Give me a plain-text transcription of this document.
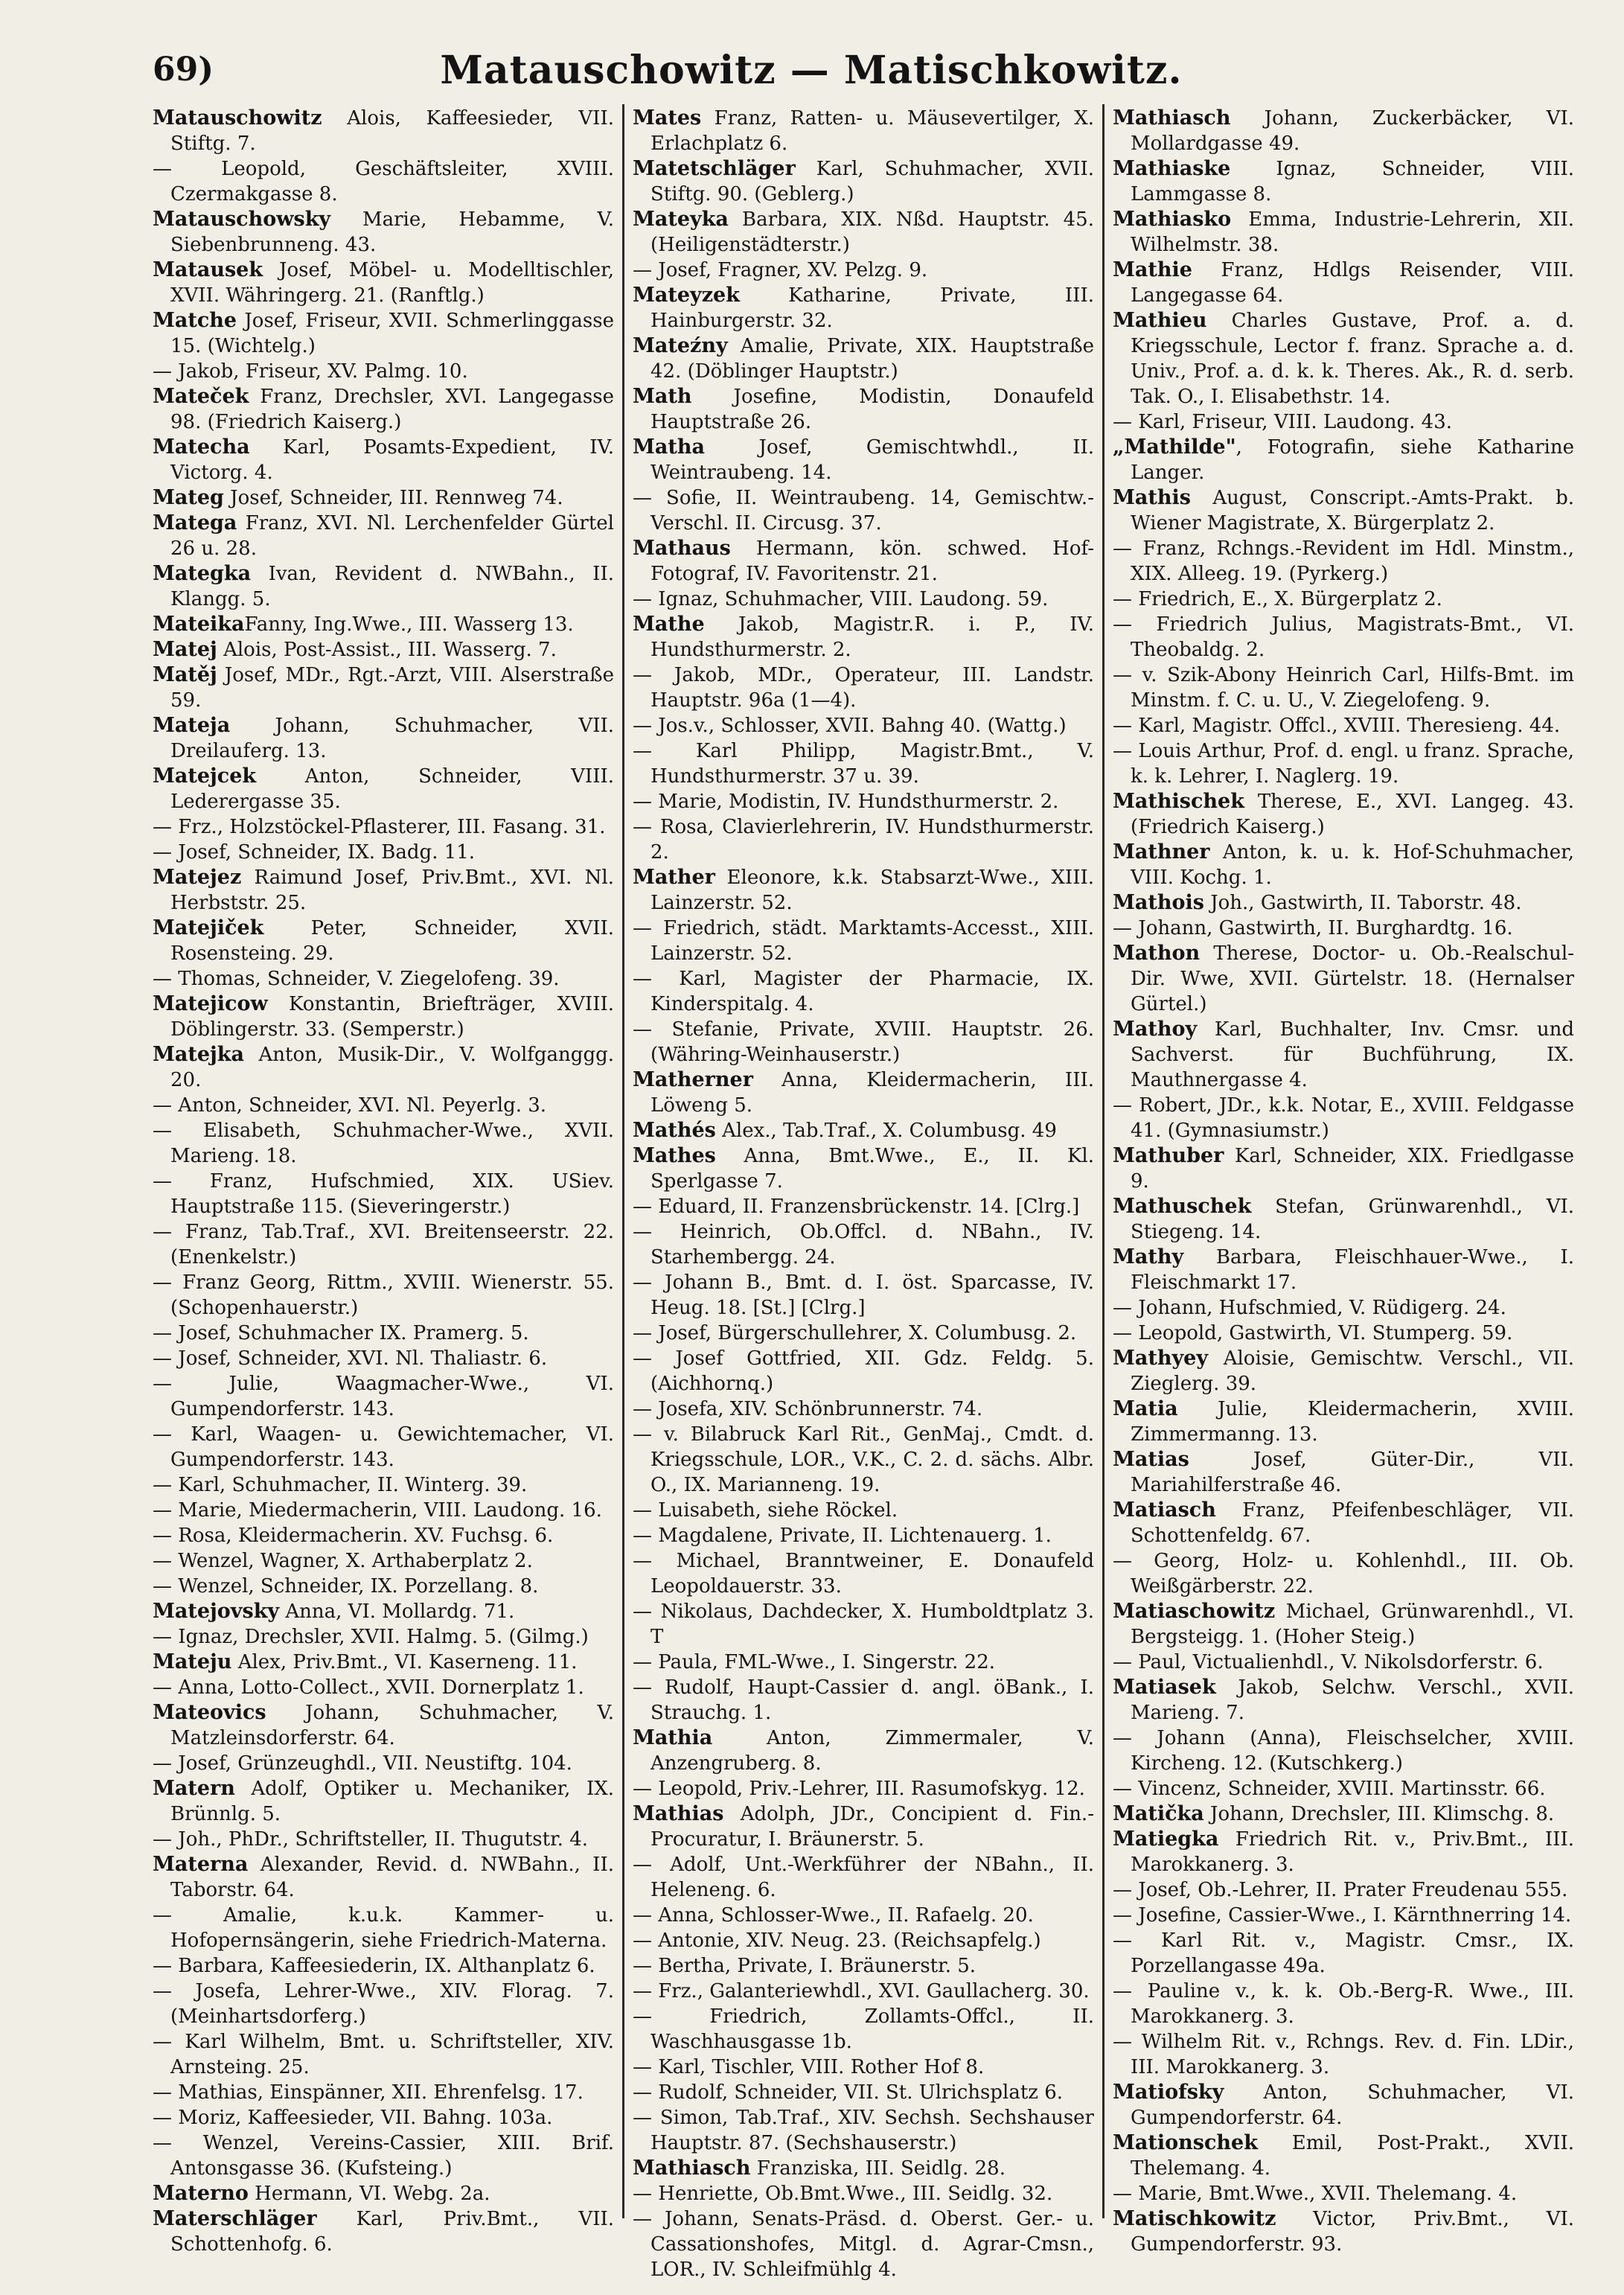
69)	Matauschowitz — Matischkowitz.

Matauschowitz Alois, Kaffeesieder, VII. Stiftg. 7.

— Leopold, Geschäftsleiter, XVIII. Czermakgasse 8.

Matauschowsky Marie, Hebamme, V. Siebenbrunneng. 43.

Matausek Josef, Möbel- u. Modelltischler, XVII. Währingerg. 21. (Ranftlg.)

Matche Josef, Friseur, XVII. Schmerlinggasse 15. (Wichtelg.)

— Jakob, Friseur, XV. Palmg. 10.

Mateček Franz, Drechsler, XVI. Langegasse 98. (Friedrich Kaiserg.)

Matecha Karl, Posamts-Expedient, IV. Victorg. 4.

Mateg Josef, Schneider, III. Rennweg 74.

Matega Franz, XVI. Nl. Lerchenfelder Gürtel 26 u. 28.

Mategka Ivan, Revident d. NWBahn., II. Klangg. 5.

MateikaFanny, Ing.Wwe., III. Wasserg 13.

Matej Alois, Post-Assist., III. Wasserg. 7.

Matěj Josef, MDr., Rgt.-Arzt, VIII. Alserstraße 59.

Mateja Johann, Schuhmacher, VII. Dreilauferg. 13.

Matejcek Anton, Schneider, VIII. Lederergasse 35.

— Frz., Holzstöckel-Pflasterer, III. Fasang. 31.

— Josef, Schneider, IX. Badg. 11.

Matejez Raimund Josef, Priv.Bmt., XVI. Nl. Herbststr. 25.

Matejiček Peter, Schneider, XVII. Rosensteing. 29.

— Thomas, Schneider, V. Ziegelofeng. 39.

Matejicow Konstantin, Briefträger, XVIII. Döblingerstr. 33. (Semperstr.)

Matejka Anton, Musik-Dir., V. Wolfganggg. 20.

— Anton, Schneider, XVI. Nl. Peyerlg. 3.

— Elisabeth, Schuhmacher-Wwe., XVII. Marieng. 18.

— Franz, Hufschmied, XIX. USiev. Hauptstraße 115. (Sieveringerstr.)

— Franz, Tab.Traf., XVI. Breitenseerstr. 22. (Enenkelstr.)

— Franz Georg, Rittm., XVIII. Wienerstr. 55. (Schopenhauerstr.)

— Josef, Schuhmacher IX. Pramerg. 5.

— Josef, Schneider, XVI. Nl. Thaliastr. 6.

— Julie, Waagmacher-Wwe., VI. Gumpendorferstr. 143.

— Karl, Waagen- u. Gewichtemacher, VI. Gumpendorferstr. 143.

— Karl, Schuhmacher, II. Winterg. 39.

— Marie, Miedermacherin, VIII. Laudong. 16.

— Rosa, Kleidermacherin. XV. Fuchsg. 6.

— Wenzel, Wagner, X. Arthaberplatz 2.

— Wenzel, Schneider, IX. Porzellang. 8.

Matejovsky Anna, VI. Mollardg. 71.

— Ignaz, Drechsler, XVII. Halmg. 5. (Gilmg.)

Mateju Alex, Priv.Bmt., VI. Kaserneng. 11.

— Anna, Lotto-Collect., XVII. Dornerplatz 1.

Mateovics Johann, Schuhmacher, V. Matzleinsdorferstr. 64.

— Josef, Grünzeughdl., VII. Neustiftg. 104.

Matern Adolf, Optiker u. Mechaniker, IX. Brünnlg. 5.

— Joh., PhDr., Schriftsteller, II. Thugutstr. 4.

Materna Alexander, Revid. d. NWBahn., II. Taborstr. 64.

— Amalie, k.u.k. Kammer- u. Hofopernsängerin, siehe Friedrich-Materna.

— Barbara, Kaffeesiederin, IX. Althanplatz 6.

— Josefa, Lehrer-Wwe., XIV. Florag. 7. (Meinhartsdorferg.)

— Karl Wilhelm, Bmt. u. Schriftsteller, XIV. Arnsteing. 25.

— Mathias, Einspänner, XII. Ehrenfelsg. 17.

— Moriz, Kaffeesieder, VII. Bahng. 103a.

— Wenzel, Vereins-Cassier, XIII. Brif. Antonsgasse 36. (Kufsteing.)

Materno Hermann, VI. Webg. 2a.

Materschläger Karl, Priv.Bmt., VII. Schottenhofg. 6.

Mates Franz, Ratten- u. Mäusevertilger, X. Erlachplatz 6.

Matetschläger Karl, Schuhmacher, XVII. Stiftg. 90. (Geblerg.)

Mateyka Barbara, XIX. Nßd. Hauptstr. 45. (Heiligenstädterstr.)

— Josef, Fragner, XV. Pelzg. 9.

Mateyzek Katharine, Private, III. Hainburgerstr. 32.

Mateźny Amalie, Private, XIX. Hauptstraße 42. (Döblinger Hauptstr.)

Math Josefine, Modistin, Donaufeld Hauptstraße 26.

Matha Josef, Gemischtwhdl., II. Weintraubeng. 14.

— Sofie, II. Weintraubeng. 14, Gemischtw.-Verschl. II. Circusg. 37.

Mathaus Hermann, kön. schwed. Hof-Fotograf, IV. Favoritenstr. 21.

— Ignaz, Schuhmacher, VIII. Laudong. 59.

Mathe Jakob, Magistr.R. i. P., IV. Hundsthurmerstr. 2.

— Jakob, MDr., Operateur, III. Landstr. Hauptstr. 96a (1—4).

— Jos.v., Schlosser, XVII. Bahng 40. (Wattg.)

— Karl Philipp, Magistr.Bmt., V. Hundsthurmerstr. 37 u. 39.

— Marie, Modistin, IV. Hundsthurmerstr. 2.

— Rosa, Clavierlehrerin, IV. Hundsthurmerstr. 2.

Mather Eleonore, k.k. Stabsarzt-Wwe., XIII. Lainzerstr. 52.

— Friedrich, städt. Marktamts-Accesst., XIII. Lainzerstr. 52.

— Karl, Magister der Pharmacie, IX. Kinderspitalg. 4.

— Stefanie, Private, XVIII. Hauptstr. 26. (Währing-Weinhauserstr.)

Matherner Anna, Kleidermacherin, III. Löweng 5.

Mathés Alex., Tab.Traf., X. Columbusg. 49

Mathes Anna, Bmt.Wwe., E., II. Kl. Sperlgasse 7.

— Eduard, II. Franzensbrückenstr. 14. [Clrg.]

— Heinrich, Ob.Offcl. d. NBahn., IV. Starhembergg. 24.

— Johann B., Bmt. d. I. öst. Sparcasse, IV. Heug. 18. [St.] [Clrg.]

— Josef, Bürgerschullehrer, X. Columbusg. 2.

— Josef Gottfried, XII. Gdz. Feldg. 5. (Aichhornq.)

— Josefa, XIV. Schönbrunnerstr. 74.

— v. Bilabruck Karl Rit., GenMaj., Cmdt. d. Kriegsschule, LOR., V.K., C. 2. d. sächs. Albr. O., IX. Marianneng. 19.

— Luisabeth, siehe Röckel.

— Magdalene, Private, II. Lichtenauerg. 1.

— Michael, Branntweiner, E. Donaufeld Leopoldauerstr. 33.

— Nikolaus, Dachdecker, X. Humboldtplatz 3. T

— Paula, FML-Wwe., I. Singerstr. 22.

— Rudolf, Haupt-Cassier d. angl. öBank., I. Strauchg. 1.

Mathia Anton, Zimmermaler, V. Anzengruberg. 8.

— Leopold, Priv.-Lehrer, III. Rasumofskyg. 12.

Mathias Adolph, JDr., Concipient d. Fin.-Procuratur, I. Bräunerstr. 5.

— Adolf, Unt.-Werkführer der NBahn., II. Heleneng. 6.

— Anna, Schlosser-Wwe., II. Rafaelg. 20.

— Antonie, XIV. Neug. 23. (Reichsapfelg.)

— Bertha, Private, I. Bräunerstr. 5.

— Frz., Galanteriewhdl., XVI. Gaullacherg. 30.

— Friedrich, Zollamts-Offcl., II. Waschhausgasse 1b.

— Karl, Tischler, VIII. Rother Hof 8.

— Rudolf, Schneider, VII. St. Ulrichsplatz 6.

— Simon, Tab.Traf., XIV. Sechsh. Sechshauser Hauptstr. 87. (Sechshauserstr.)

Mathiasch Franziska, III. Seidlg. 28.

— Henriette, Ob.Bmt.Wwe., III. Seidlg. 32.

— Johann, Senats-Präsd. d. Oberst. Ger.- u. Cassationshofes, Mitgl. d. Agrar-Cmsn., LOR., IV. Schleifmühlg 4.

Mathiasch Johann, Zuckerbäcker, VI. Mollardgasse 49.

Mathiaske Ignaz, Schneider, VIII. Lammgasse 8.

Mathiasko Emma, Industrie-Lehrerin, XII. Wilhelmstr. 38.

Mathie Franz, Hdlgs Reisender, VIII. Langegasse 64.

Mathieu Charles Gustave, Prof. a. d. Kriegsschule, Lector f. franz. Sprache a. d. Univ., Prof. a. d. k. k. Theres. Ak., R. d. serb. Tak. O., I. Elisabethstr. 14.

— Karl, Friseur, VIII. Laudong. 43.

„Mathilde", Fotografin, siehe Katharine Langer.

Mathis August, Conscript.-Amts-Prakt. b. Wiener Magistrate, X. Bürgerplatz 2.

— Franz, Rchngs.-Revident im Hdl. Minstm., XIX. Alleeg. 19. (Pyrkerg.)

— Friedrich, E., X. Bürgerplatz 2.

— Friedrich Julius, Magistrats-Bmt., VI. Theobaldg. 2.

— v. Szik-Abony Heinrich Carl, Hilfs-Bmt. im Minstm. f. C. u. U., V. Ziegelofeng. 9.

— Karl, Magistr. Offcl., XVIII. Theresieng. 44.

— Louis Arthur, Prof. d. engl. u franz. Sprache, k. k. Lehrer, I. Naglerg. 19.

Mathischek Therese, E., XVI. Langeg. 43. (Friedrich Kaiserg.)

Mathner Anton, k. u. k. Hof-Schuhmacher, VIII. Kochg. 1.

Mathois Joh., Gastwirth, II. Taborstr. 48.

— Johann, Gastwirth, II. Burghardtg. 16.

Mathon Therese, Doctor- u. Ob.-Realschul-Dir. Wwe, XVII. Gürtelstr. 18. (Hernalser Gürtel.)

Mathoy Karl, Buchhalter, Inv. Cmsr. und Sachverst. für Buchführung, IX. Mauthnergasse 4.

— Robert, JDr., k.k. Notar, E., XVIII. Feldgasse 41. (Gymnasiumstr.)

Mathuber Karl, Schneider, XIX. Friedlgasse 9.

Mathuschek Stefan, Grünwarenhdl., VI. Stiegeng. 14.

Mathy Barbara, Fleischhauer-Wwe., I. Fleischmarkt 17.

— Johann, Hufschmied, V. Rüdigerg. 24.

— Leopold, Gastwirth, VI. Stumperg. 59.

Mathyey Aloisie, Gemischtw. Verschl., VII. Zieglerg. 39.

Matia Julie, Kleidermacherin, XVIII. Zimmermanng. 13.

Matias Josef, Güter-Dir., VII. Mariahilferstraße 46.

Matiasch Franz, Pfeifenbeschläger, VII. Schottenfeldg. 67.

— Georg, Holz- u. Kohlenhdl., III. Ob. Weißgärberstr. 22.

Matiaschowitz Michael, Grünwarenhdl., VI. Bergsteigg. 1. (Hoher Steig.)

— Paul, Victualienhdl., V. Nikolsdorferstr. 6.

Matiasek Jakob, Selchw. Verschl., XVII. Marieng. 7.

— Johann (Anna), Fleischselcher, XVIII. Kircheng. 12. (Kutschkerg.)

— Vincenz, Schneider, XVIII. Martinsstr. 66.

Matička Johann, Drechsler, III. Klimschg. 8.

Matiegka Friedrich Rit. v., Priv.Bmt., III. Marokkanerg. 3.

— Josef, Ob.-Lehrer, II. Prater Freudenau 555.

— Josefine, Cassier-Wwe., I. Kärnthnerring 14.

— Karl Rit. v., Magistr. Cmsr., IX. Porzellangasse 49a.

— Pauline v., k. k. Ob.-Berg-R. Wwe., III. Marokkanerg. 3.

— Wilhelm Rit. v., Rchngs. Rev. d. Fin. LDir., III. Marokkanerg. 3.

Matiofsky Anton, Schuhmacher, VI. Gumpendorferstr. 64.

Mationschek Emil, Post-Prakt., XVII. Thelemang. 4.

— Marie, Bmt.Wwe., XVII. Thelemang. 4.

Matischkowitz Victor, Priv.Bmt., VI. Gumpendorferstr. 93.
